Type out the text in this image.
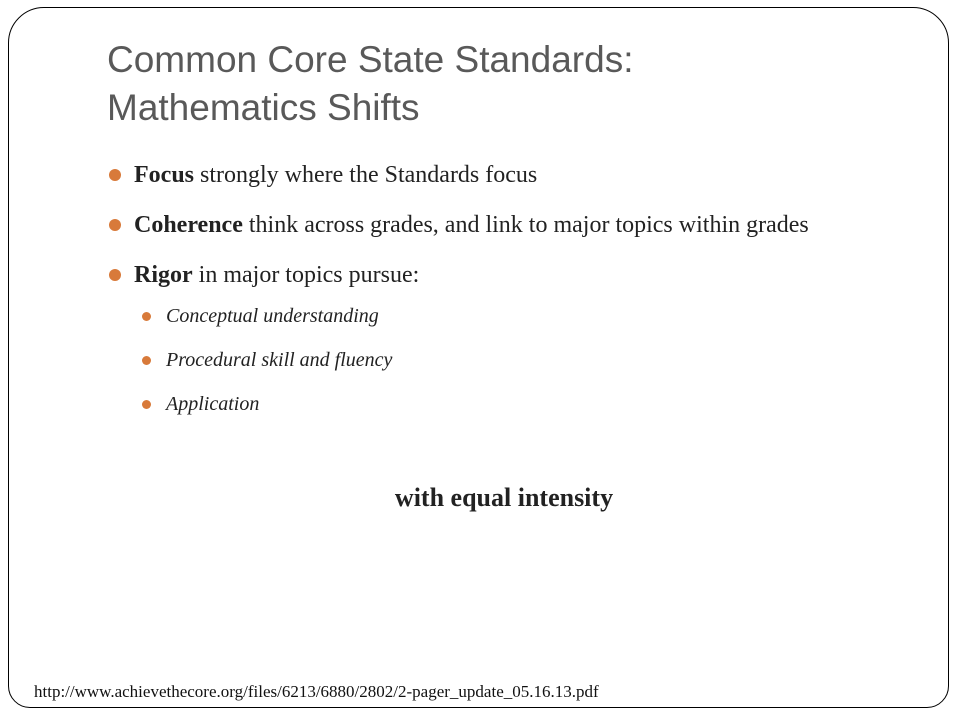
Common Core State Standards:
Mathematics Shifts
Focus strongly where the Standards focus
Coherence think across grades, and link to major topics within grades
Rigor in major topics pursue:
Conceptual understanding
Procedural skill and fluency
Application
with equal intensity
http://www.achievethecore.org/files/6213/6880/2802/2-pager_update_05.16.13.pdf
